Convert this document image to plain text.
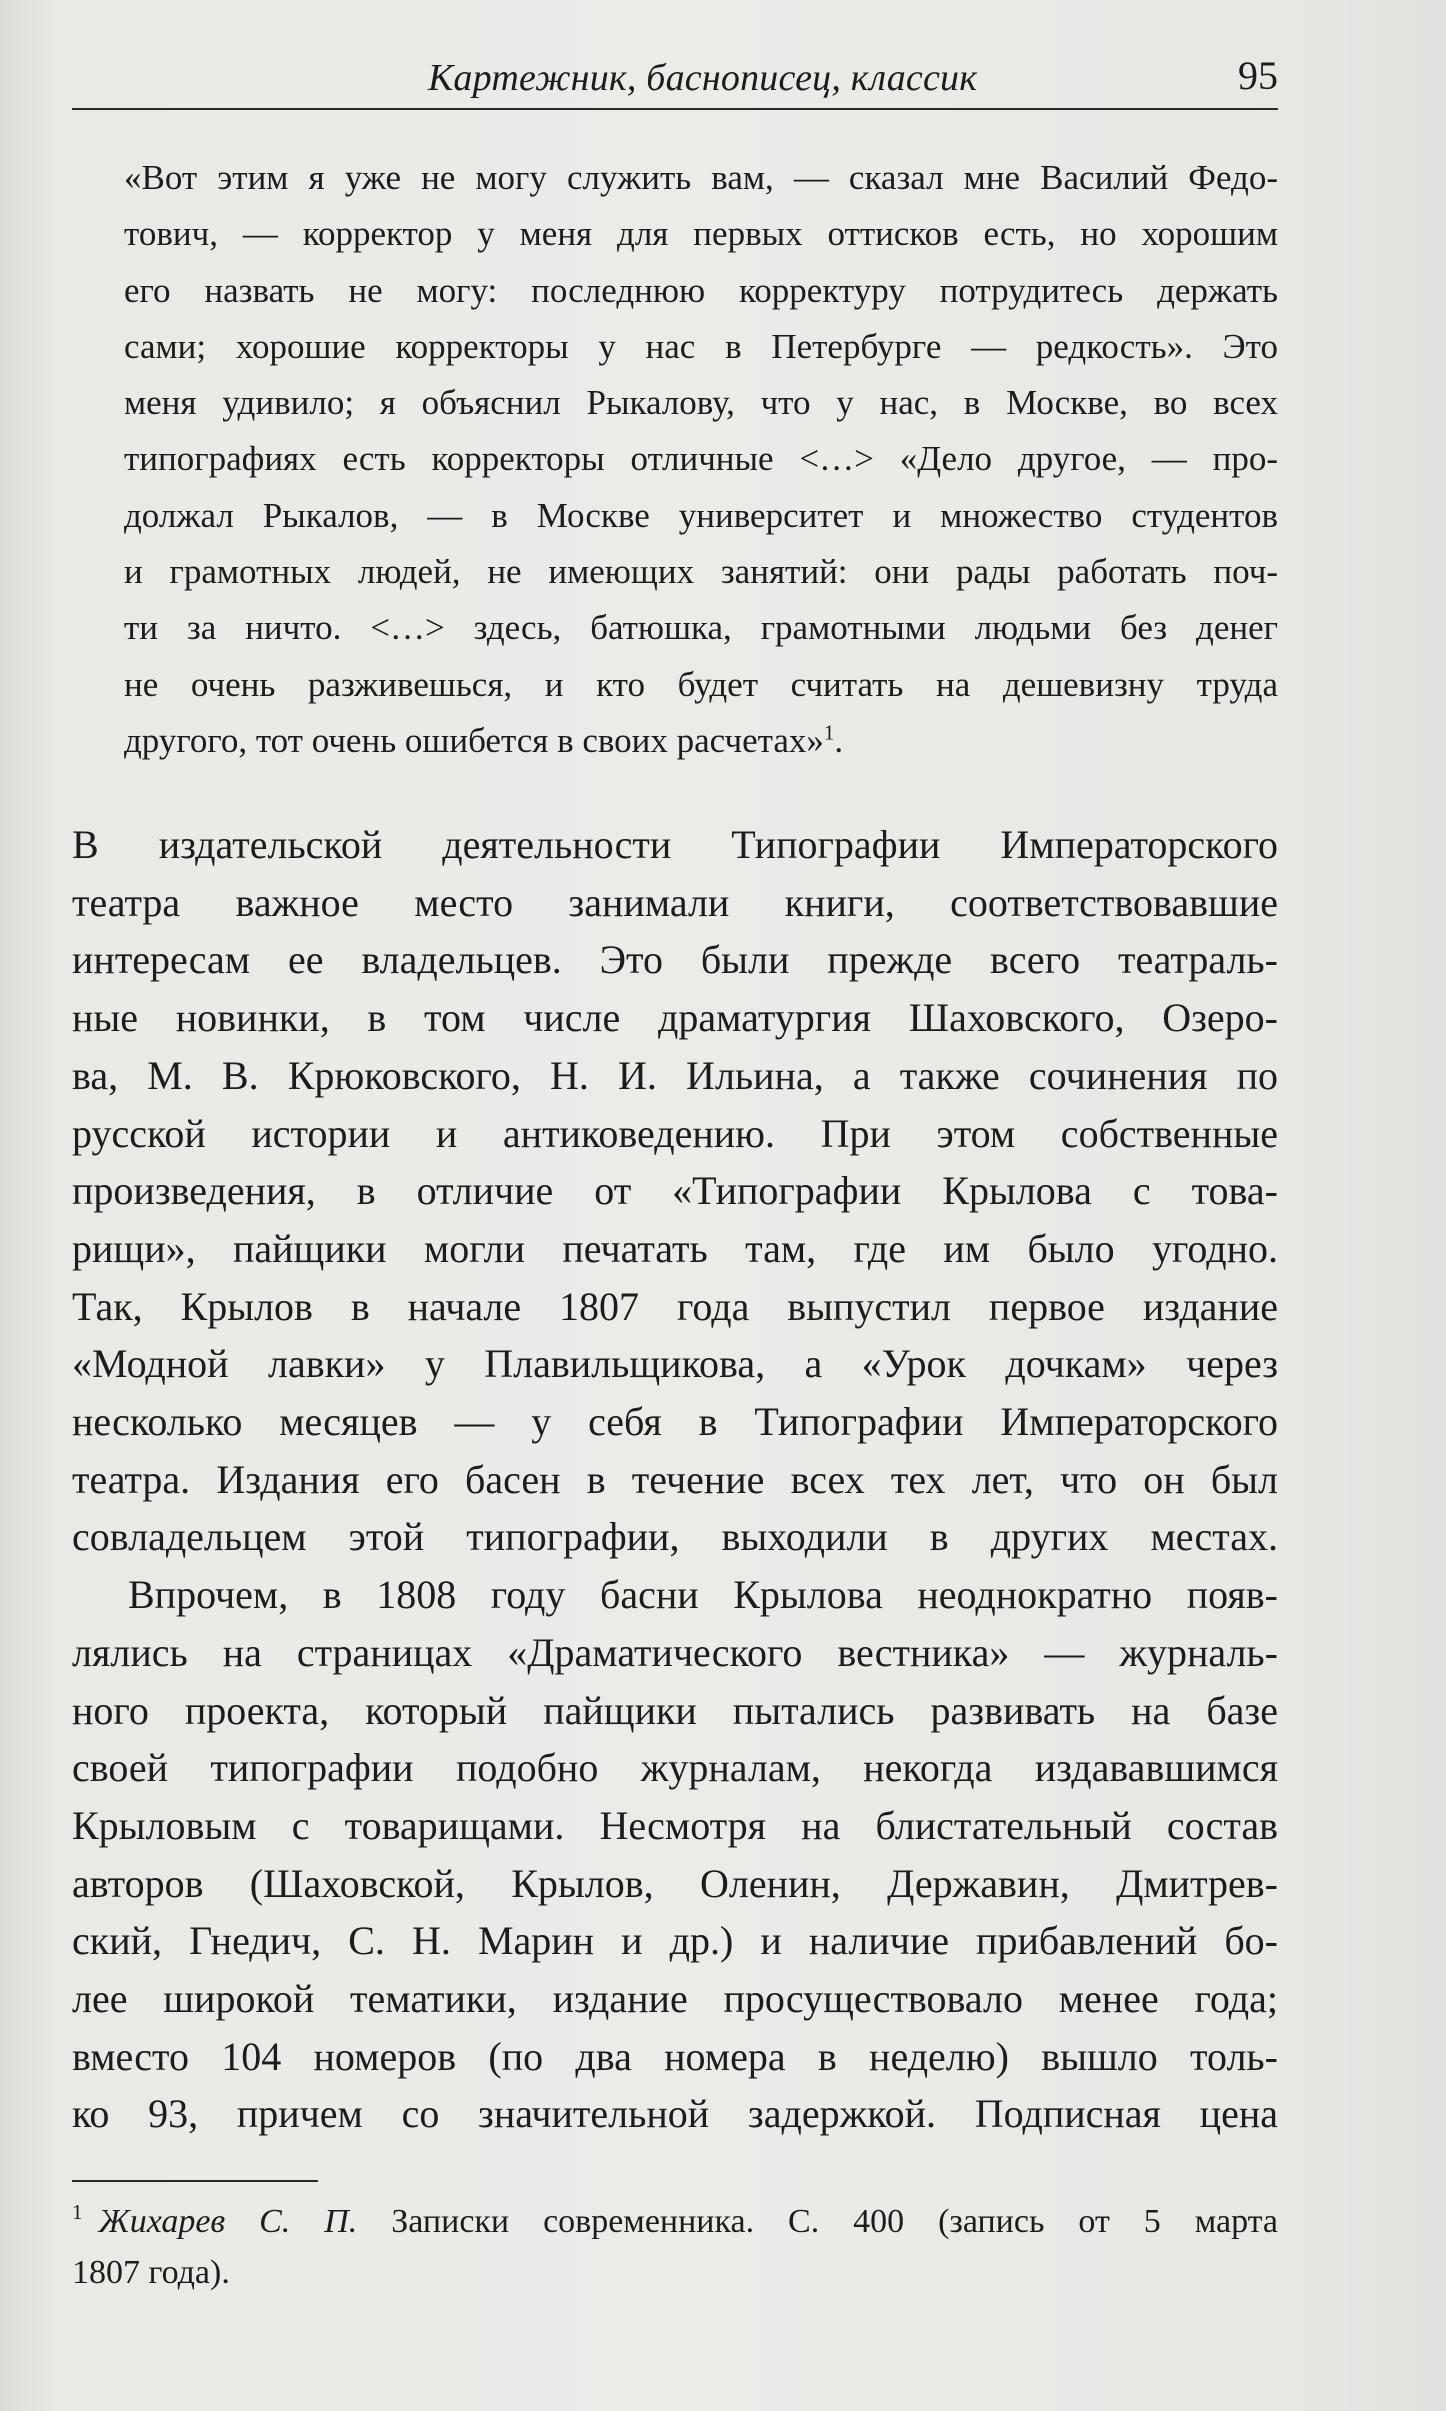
Картежник, баснописец, классик	95
«Вот этим я уже не могу служить вам, — сказал мне Василий Федо-
тович, — корректор у меня для первых оттисков есть, но хорошим
его назвать не могу: последнюю корректуру потрудитесь держать
сами; хорошие корректоры у нас в Петербурге — редкость». Это
меня удивило; я объяснил Рыкалову, что у нас, в Москве, во всех
типографиях есть корректоры отличные <…> «Дело другое, — про-
должал Рыкалов, — в Москве университет и множество студентов
и грамотных людей, не имеющих занятий: они рады работать поч-
ти за ничто. <…> здесь, батюшка, грамотными людьми без денег
не очень разживешься, и кто будет считать на дешевизну труда
другого, тот очень ошибется в своих расчетах»$^1$.
В издательской деятельности Типографии Императорского
театра важное место занимали книги, соответствовавшие
интересам ее владельцев. Это были прежде всего театраль-
ные новинки, в том числе драматургия Шаховского, Озеро-
ва, М. В. Крюковского, Н. И. Ильина, а также сочинения по
русской истории и антиковедению. При этом собственные
произведения, в отличие от «Типографии Крылова с това-
рищи», пайщики могли печатать там, где им было угодно.
Так, Крылов в начале 1807 года выпустил первое издание
«Модной лавки» у Плавильщикова, а «Урок дочкам» через
несколько месяцев — у себя в Типографии Императорского
театра. Издания его басен в течение всех тех лет, что он был
совладельцем этой типографии, выходили в других местах.
Впрочем, в 1808 году басни Крылова неоднократно появ-
лялись на страницах «Драматического вестника» — журналь-
ного проекта, который пайщики пытались развивать на базе
своей типографии подобно журналам, некогда издававшимся
Крыловым с товарищами. Несмотря на блистательный состав
авторов (Шаховской, Крылов, Оленин, Державин, Дмитрев-
ский, Гнедич, С. Н. Марин и др.) и наличие прибавлений бо-
лее широкой тематики, издание просуществовало менее года;
вместо 104 номеров (по два номера в неделю) вышло толь-
ко 93, причем со значительной задержкой. Подписная цена
$^1$ Жихарев С. П. Записки современника. С. 400 (запись от 5 марта
1807 года).
